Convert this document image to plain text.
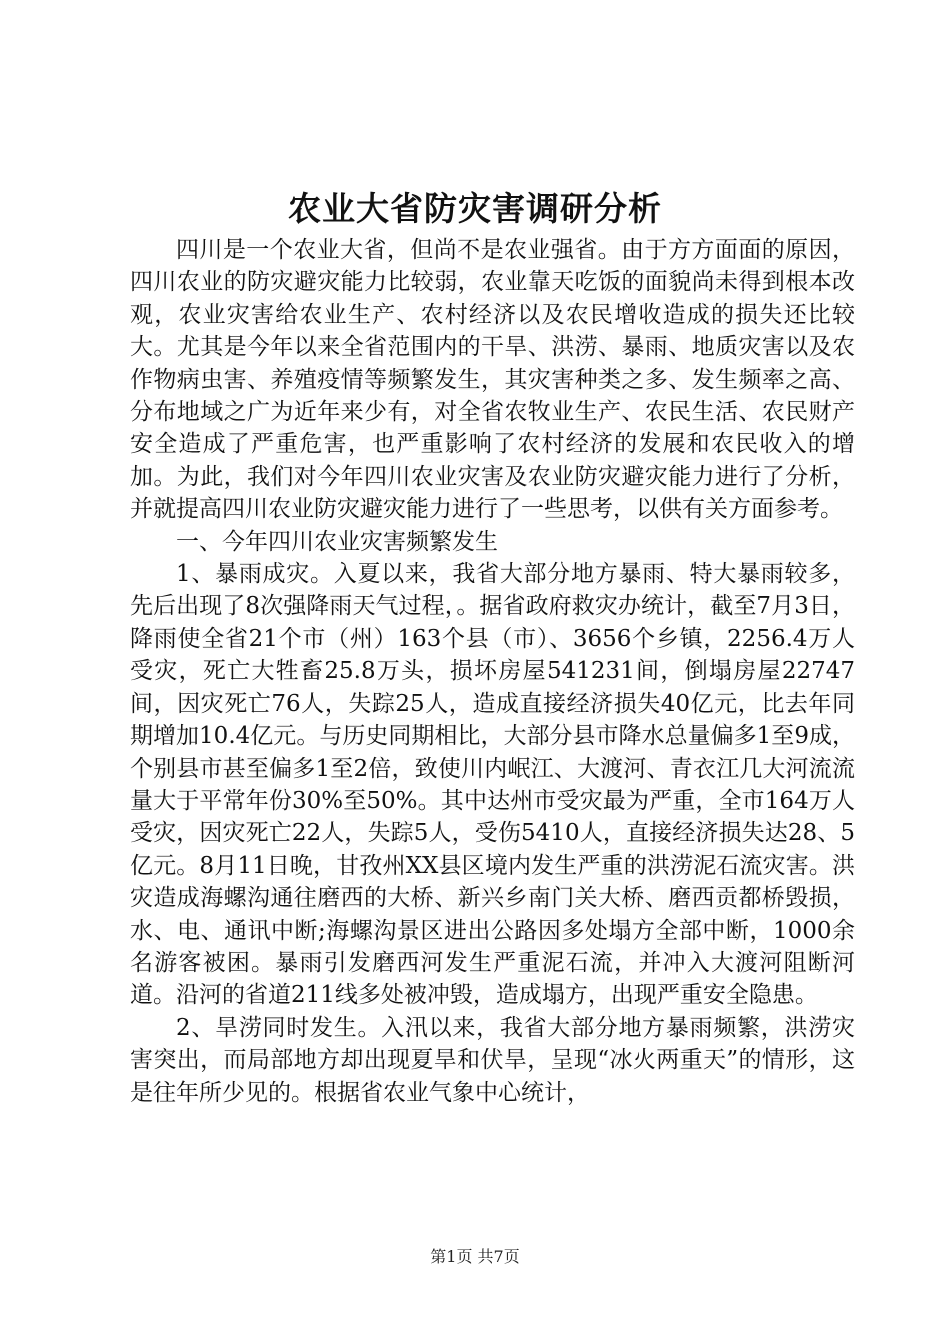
农业大省防灾害调研分析

四川是一个农业大省，但尚不是农业强省。由于方方面面的原因，四川农业的防灾避灾能力比较弱，农业靠天吃饭的面貌尚未得到根本改观，农业灾害给农业生产、农村经济以及农民增收造成的损失还比较大。尤其是今年以来全省范围内的干旱、洪涝、暴雨、地质灾害以及农作物病虫害、养殖疫情等频繁发生，其灾害种类之多、发生频率之高、分布地域之广为近年来少有，对全省农牧业生产、农民生活、农民财产安全造成了严重危害，也严重影响了农村经济的发展和农民收入的增加。为此，我们对今年四川农业灾害及农业防灾避灾能力进行了分析，并就提高四川农业防灾避灾能力进行了一些思考，以供有关方面参考。

一、今年四川农业灾害频繁发生

1、暴雨成灾。入夏以来，我省大部分地方暴雨、特大暴雨较多，先后出现了8次强降雨天气过程，。据省政府救灾办统计，截至7月3日，降雨使全省21个市（州）163个县（市）、3656个乡镇，2256.4万人受灾，死亡大牲畜25.8万头，损坏房屋541231间，倒塌房屋22747间，因灾死亡76人，失踪25人，造成直接经济损失40亿元，比去年同期增加10.4亿元。与历史同期相比，大部分县市降水总量偏多1至9成，个别县市甚至偏多1至2倍，致使川内岷江、大渡河、青衣江几大河流流量大于平常年份30%至50%。其中达州市受灾最为严重，全市164万人受灾，因灾死亡22人，失踪5人，受伤5410人，直接经济损失达28、5亿元。8月11日晚，甘孜州XX县区境内发生严重的洪涝泥石流灾害。洪灾造成海螺沟通往磨西的大桥、新兴乡南门关大桥、磨西贡都桥毁损，水、电、通讯中断;海螺沟景区进出公路因多处塌方全部中断，1000余名游客被困。暴雨引发磨西河发生严重泥石流，并冲入大渡河阻断河道。沿河的省道211线多处被冲毁，造成塌方，出现严重安全隐患。

2、旱涝同时发生。入汛以来，我省大部分地方暴雨频繁，洪涝灾害突出，而局部地方却出现夏旱和伏旱，呈现“冰火两重天”的情形，这是往年所少见的。根据省农业气象中心统计，

第1页 共7页
